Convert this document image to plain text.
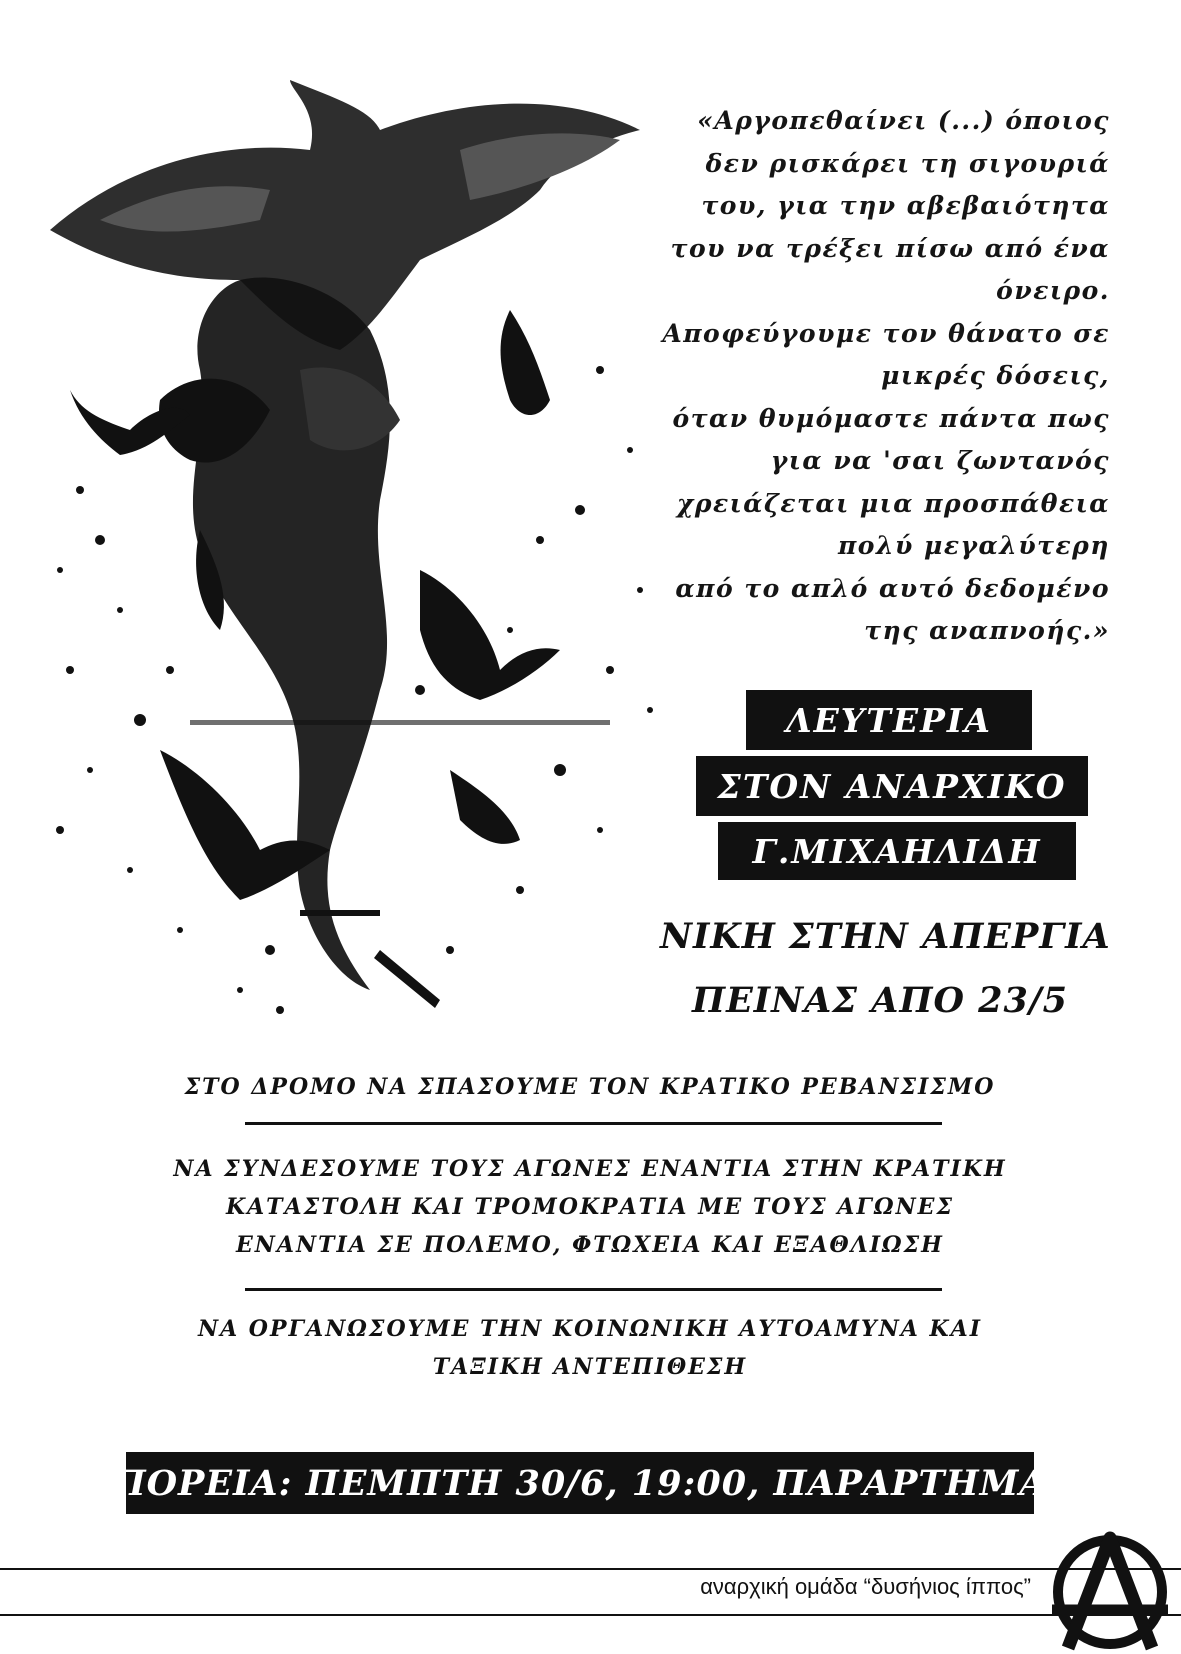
«Αργοπεθαίνει (...) όποιος
δεν ρισκάρει τη σιγουριά
του, για την αβεβαιότητα
του να τρέξει πίσω από ένα
όνειρο.
Αποφεύγουμε τον θάνατο σε
μικρές δόσεις,
όταν θυμόμαστε πάντα πως
για να 'σαι ζωντανός
χρειάζεται μια προσπάθεια
πολύ μεγαλύτερη
από το απλό αυτό δεδομένο
της αναπνοής.»

ΛΕΥΤΕΡΙΑ
ΣΤΟΝ ΑΝΑΡΧΙΚΟ
Γ.ΜΙΧΑΗΛΙΔΗ
ΝΙΚΗ ΣΤΗΝ ΑΠΕΡΓΙΑ
ΠΕΙΝΑΣ ΑΠΟ 23/5
ΣΤΟ ΔΡΟΜΟ ΝΑ ΣΠΑΣΟΥΜΕ ΤΟΝ ΚΡΑΤΙΚΟ ΡΕΒΑΝΣΙΣΜΟ
ΝΑ ΣΥΝΔΕΣΟΥΜΕ ΤΟΥΣ ΑΓΩΝΕΣ ΕΝΑΝΤΙΑ ΣΤΗΝ ΚΡΑΤΙΚΗ
ΚΑΤΑΣΤΟΛΗ ΚΑΙ ΤΡΟΜΟΚΡΑΤΙΑ ΜΕ ΤΟΥΣ ΑΓΩΝΕΣ
ΕΝΑΝΤΙΑ ΣΕ ΠΟΛΕΜΟ, ΦΤΩΧΕΙΑ ΚΑΙ ΕΞΑΘΛΙΩΣΗ
ΝΑ ΟΡΓΑΝΩΣΟΥΜΕ ΤΗΝ ΚΟΙΝΩΝΙΚΗ ΑΥΤΟΑΜΥΝΑ ΚΑΙ
ΤΑΞΙΚΗ ΑΝΤΕΠΙΘΕΣΗ
ΠΟΡΕΙΑ: ΠΕΜΠΤΗ 30/6, 19:00, ΠΑΡΑΡΤΗΜΑ
αναρχική ομάδα “δυσήνιος ίππος”
